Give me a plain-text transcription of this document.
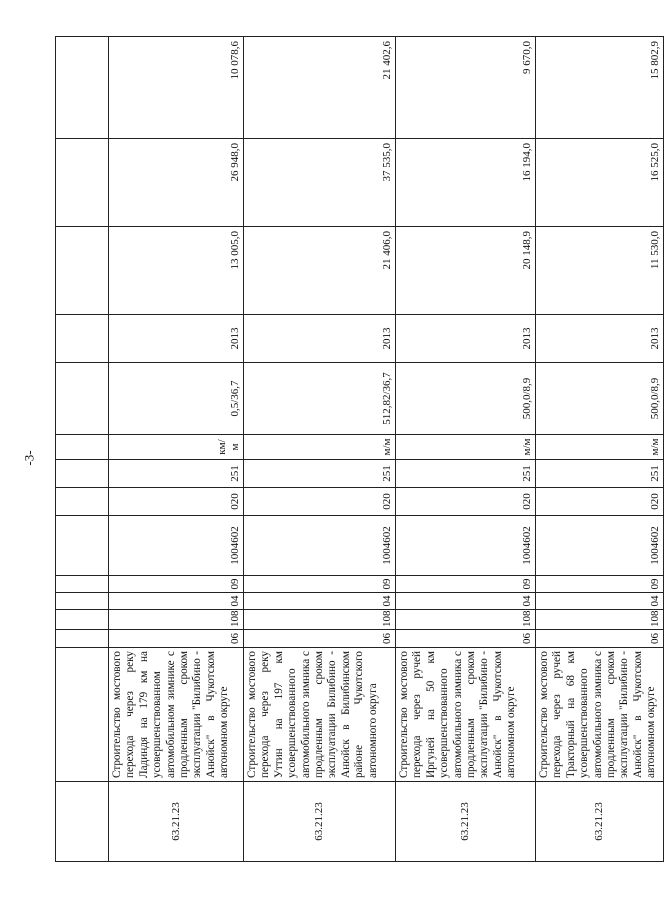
-3-

63.21.23	Строительство мостового перехода через реку Ладиндя на 179 км на усовершенствованном автомобильном зимнике с продленным сроком эксплуатации "Билибино - Анюйск" в Чукотском автономном округе	06	108	04	09	1004602	020	251	км/м	0,5/36,7	2013	13 005,0	26 948,0	10 078,6
63.21.23	Строительство мостового перехода через реку Уттин на 197 км усовершенствованного автомобильного зимника с продленным сроком эксплуатации Билибино - Анюйск в Билибинском районе Чукотского автономного округа	06	108	04	09	1004602	020	251	м/м	512,82/36,7	2013	21 406,0	37 535,0	21 402,6
63.21.23	Строительство мостового перехода через ручей Иргуней на 50 км усовершенствованного автомобильного зимника с продленным сроком эксплуатации "Билибино - Анюйск" в Чукотском автономном округе	06	108	04	09	1004602	020	251	м/м	500,0/8,9	2013	20 148,9	16 194,0	9 670,0
63.21.23	Строительство мостового перехода через ручей Тракторный на 68 км усовершенствованного автомобильного зимника с продленным сроком эксплуатации "Билибино - Анюйск" в Чукотском автономном округе	06	108	04	09	1004602	020	251	м/м	500,0/8,9	2013	11 530,0	16 525,0	15 802,9
